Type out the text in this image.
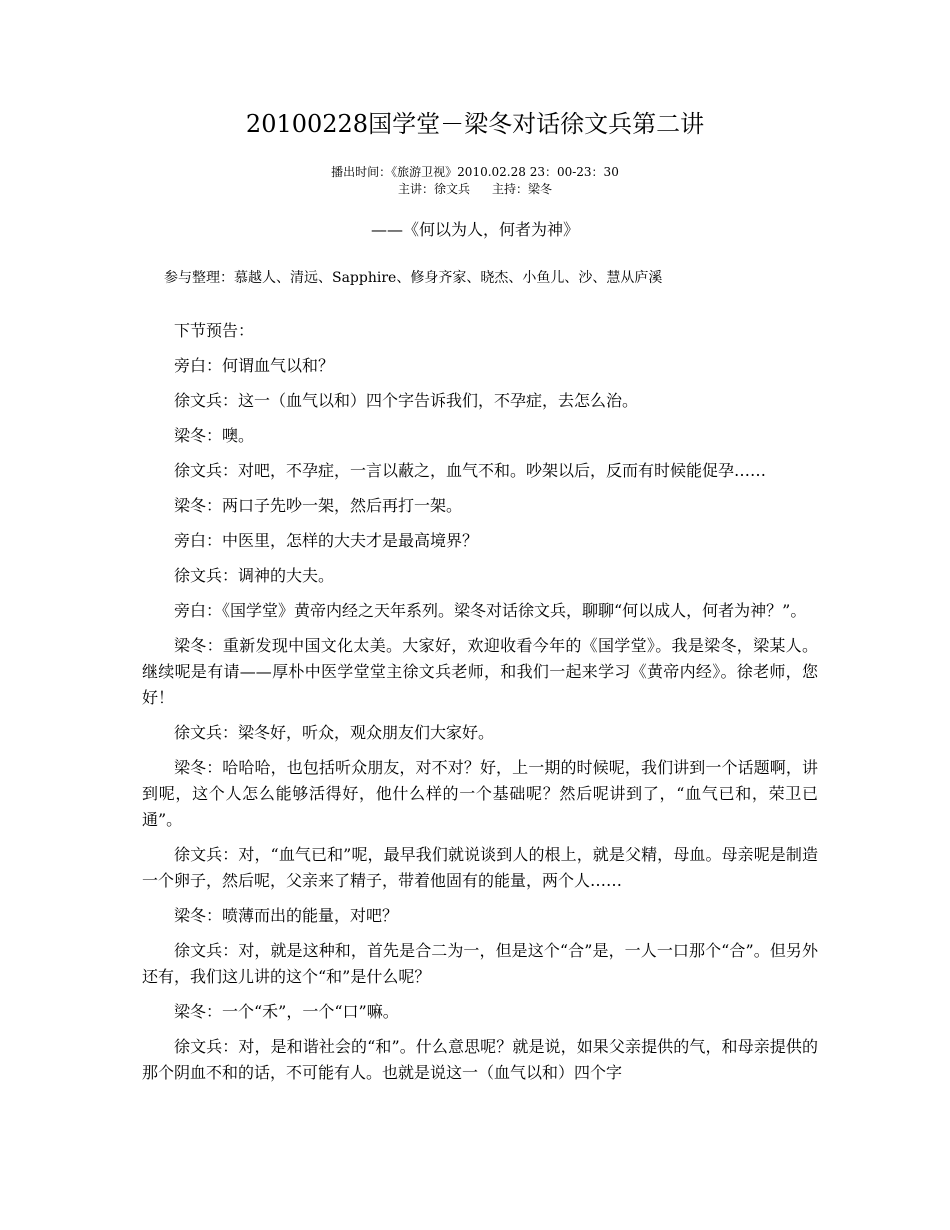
20100228国学堂－梁冬对话徐文兵第二讲
播出时间：《旅游卫视》2010.02.28 23：00-23：30
主讲：徐文兵 主持：梁冬
——《何以为人，何者为神》
参与整理：慕越人、清远、Sapphire、修身齐家、晓杰、小鱼儿、沙、慧从庐溪

下节预告：

旁白：何谓血气以和？

徐文兵：这一（血气以和）四个字告诉我们，不孕症，去怎么治。

梁冬：噢。

徐文兵：对吧，不孕症，一言以蔽之，血气不和。吵架以后，反而有时候能促孕……

梁冬：两口子先吵一架，然后再打一架。

旁白：中医里，怎样的大夫才是最高境界？

徐文兵：调神的大夫。

旁白：《国学堂》黄帝内经之天年系列。梁冬对话徐文兵，聊聊“何以成人，何者为神？”。

梁冬：重新发现中国文化太美。大家好，欢迎收看今年的《国学堂》。我是梁冬，梁某人。继续呢是有请——厚朴中医学堂堂主徐文兵老师，和我们一起来学习《黄帝内经》。徐老师，您好！

徐文兵：梁冬好，听众，观众朋友们大家好。

梁冬：哈哈哈，也包括听众朋友，对不对？好，上一期的时候呢，我们讲到一个话题啊，讲到呢，这个人怎么能够活得好，他什么样的一个基础呢？然后呢讲到了，“血气已和，荣卫已通”。

徐文兵：对，“血气已和”呢，最早我们就说谈到人的根上，就是父精，母血。母亲呢是制造一个卵子，然后呢，父亲来了精子，带着他固有的能量，两个人……

梁冬：喷薄而出的能量，对吧？

徐文兵：对，就是这种和，首先是合二为一，但是这个“合”是，一人一口那个“合”。但另外还有，我们这儿讲的这个“和”是什么呢？

梁冬：一个“禾”，一个“口”嘛。

徐文兵：对，是和谐社会的“和”。什么意思呢？就是说，如果父亲提供的气，和母亲提供的那个阴血不和的话，不可能有人。也就是说这一（血气以和）四个字
